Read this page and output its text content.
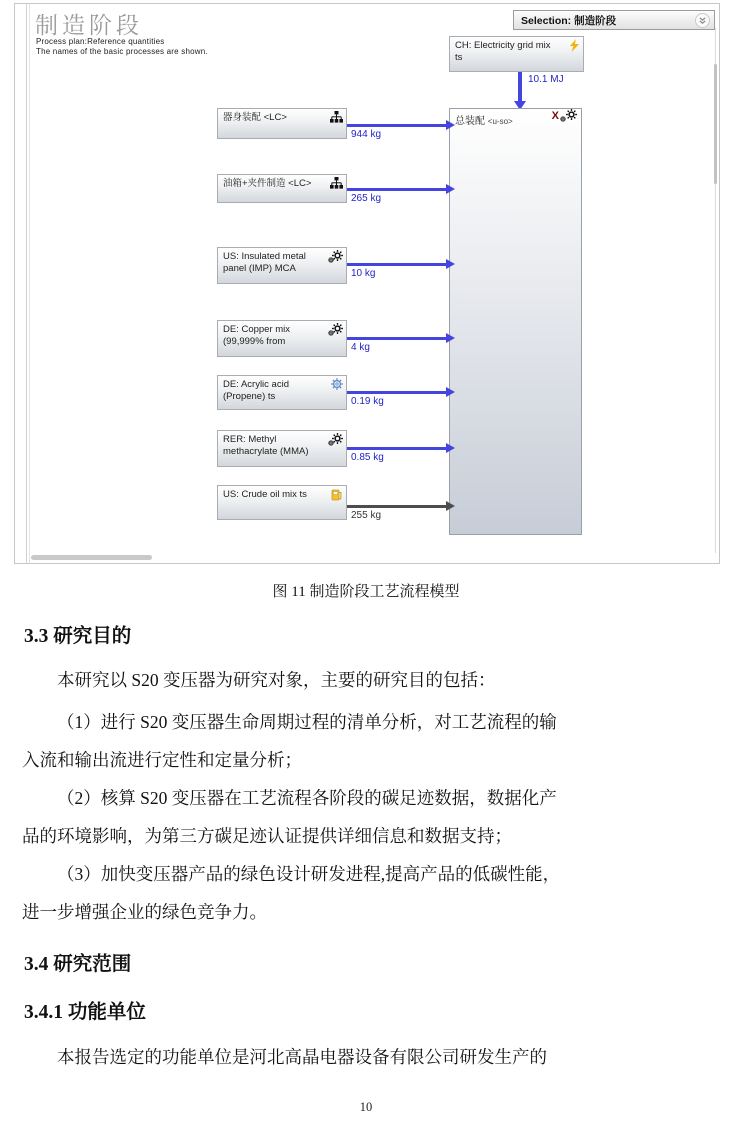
制造阶段
Process plan:Reference quantities
The names of the basic processes are shown.
Selection: 制造阶段
CH: Electricity grid mix
ts
10.1 MJ
总装配 <u-so>	X
器身装配 <LC>
944 kg
油箱+夹件制造 <LC>
265 kg
US: Insulated metal
panel (IMP) MCA	10 kg
DE: Copper mix
(99,999% from
4 kg
DE: Acrylic acid
(Propene) ts	0.19 kg
RER: Methyl
methacrylate (MMA)
0.85 kg
US: Crude oil mix ts
255 kg
图 11 制造阶段工艺流程模型
3.3 研究目的
本研究以 S20 变压器为研究对象，主要的研究目的包括：
（1）进行 S20 变压器生命周期过程的清单分析，对工艺流程的输
入流和输出流进行定性和定量分析；
（2）核算 S20 变压器在工艺流程各阶段的碳足迹数据，数据化产
品的环境影响，为第三方碳足迹认证提供详细信息和数据支持；
（3）加快变压器产品的绿色设计研发进程,提高产品的低碳性能，
进一步增强企业的绿色竞争力。
3.4 研究范围
3.4.1 功能单位
本报告选定的功能单位是河北高晶电器设备有限公司研发生产的
10
